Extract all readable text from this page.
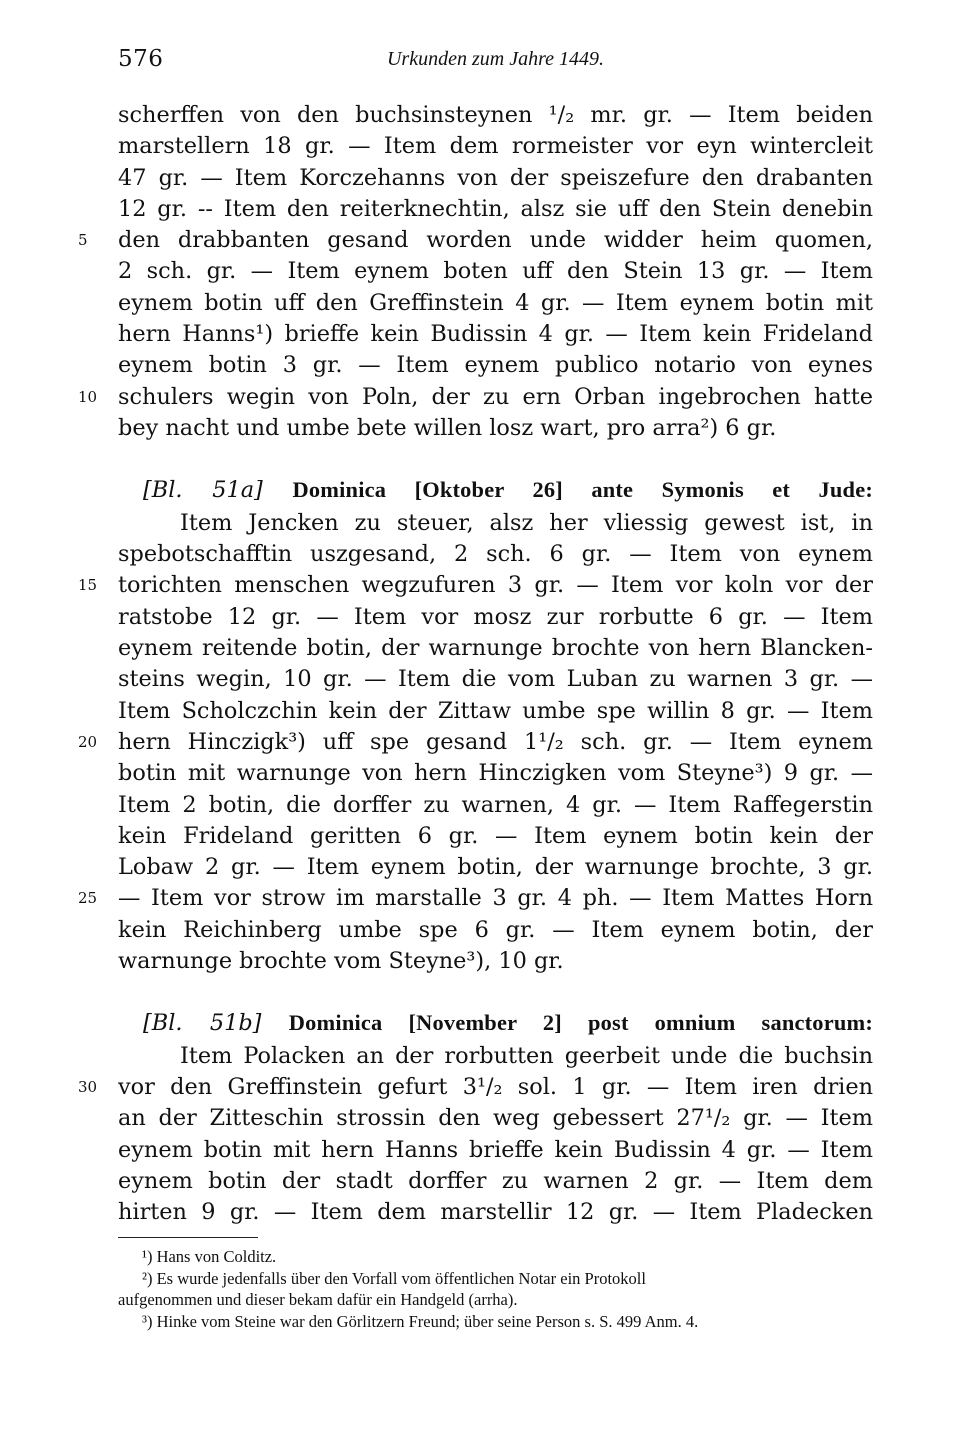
576	Urkunden zum Jahre 1449.
scherffen von den buchsinsteynen ¹/₂ mr. gr. — Item beiden
marstellern 18 gr. — Item dem rormeister vor eyn wintercleit
47 gr. — Item Korczehanns von der speiszefure den drabanten
12 gr. -- Item den reiterknechtin, alsz sie uff den Stein denebin
den drabbanten gesand worden unde widder heim quomen,
5
2 sch. gr. — Item eynem boten uff den Stein 13 gr. — Item
eynem botin uff den Greffinstein 4 gr. — Item eynem botin mit
hern Hanns¹) brieffe kein Budissin 4 gr. — Item kein Frideland
eynem botin 3 gr. — Item eynem publico notario von eynes
schulers wegin von Poln, der zu ern Orban ingebrochen hatte
10
bey nacht und umbe bete willen losz wart, pro arra²) 6 gr.
[Bl. 51a] Dominica [Oktober 26] ante Symonis et Jude:
Item Jencken zu steuer, alsz her vliessig gewest ist, in
spebotschafftin uszgesand, 2 sch. 6 gr. — Item von eynem
torichten menschen wegzufuren 3 gr. — Item vor koln vor der
15
ratstobe 12 gr. — Item vor mosz zur rorbutte 6 gr. — Item
eynem reitende botin, der warnunge brochte von hern Blancken-
steins wegin, 10 gr. — Item die vom Luban zu warnen 3 gr. —
Item Scholczchin kein der Zittaw umbe spe willin 8 gr. — Item
hern Hinczigk³) uff spe gesand 1¹/₂ sch. gr. — Item eynem
20
botin mit warnunge von hern Hinczigken vom Steyne³) 9 gr. —
Item 2 botin, die dorffer zu warnen, 4 gr. — Item Raffegerstin
kein Frideland geritten 6 gr. — Item eynem botin kein der
Lobaw 2 gr. — Item eynem botin, der warnunge brochte, 3 gr.
— Item vor strow im marstalle 3 gr. 4 ph. — Item Mattes Horn
25
kein Reichinberg umbe spe 6 gr. — Item eynem botin, der
warnunge brochte vom Steyne³), 10 gr.
[Bl. 51b] Dominica [November 2] post omnium sanctorum:
Item Polacken an der rorbutten geerbeit unde die buchsin
vor den Greffinstein gefurt 3¹/₂ sol. 1 gr. — Item iren drien
30
an der Zitteschin strossin den weg gebessert 27¹/₂ gr. — Item
eynem botin mit hern Hanns brieffe kein Budissin 4 gr. — Item
eynem botin der stadt dorffer zu warnen 2 gr. — Item dem
hirten 9 gr. — Item dem marstellir 12 gr. — Item Pladecken
¹) Hans von Colditz.
²) Es wurde jedenfalls über den Vorfall vom öffentlichen Notar ein Protokoll
aufgenommen und dieser bekam dafür ein Handgeld (arrha).
³) Hinke vom Steine war den Görlitzern Freund; über seine Person s. S. 499 Anm. 4.
